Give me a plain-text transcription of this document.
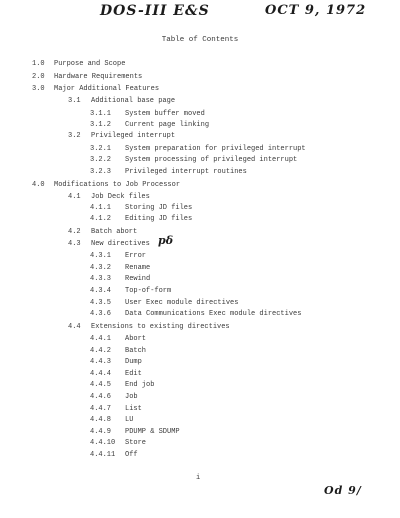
DOS-III E&S	OCT 9, 1972
Table of Contents
1.0 Purpose and Scope
2.0 Hardware Requirements
3.0 Major Additional Features
3.1 Additional base page
3.1.1 System buffer moved
3.1.2 Current page linking
3.2 Privileged interrupt
3.2.1 System preparation for privileged interrupt
3.2.2 System processing of privileged interrupt
3.2.3 Privileged interrupt routines
4.0 Modifications to Job Processor
4.1 Job Deck files
4.1.1 Storing JD files
4.1.2 Editing JD files
4.2 Batch abort
4.3 New directives
4.3.1 Error
4.3.2 Rename
4.3.3 Rewind
4.3.4 Top-of-form
4.3.5 User Exec module directives
4.3.6 Data Communications Exec module directives
4.4 Extensions to existing directives
4.4.1 Abort
4.4.2 Batch
4.4.3 Dump
4.4.4 Edit
4.4.5 End job
4.4.6 Job
4.4.7 List
4.4.8 LU
4.4.9 PDUMP & SDUMP
4.4.10 Store
4.4.11 Off
pδ
i
Od 9/
